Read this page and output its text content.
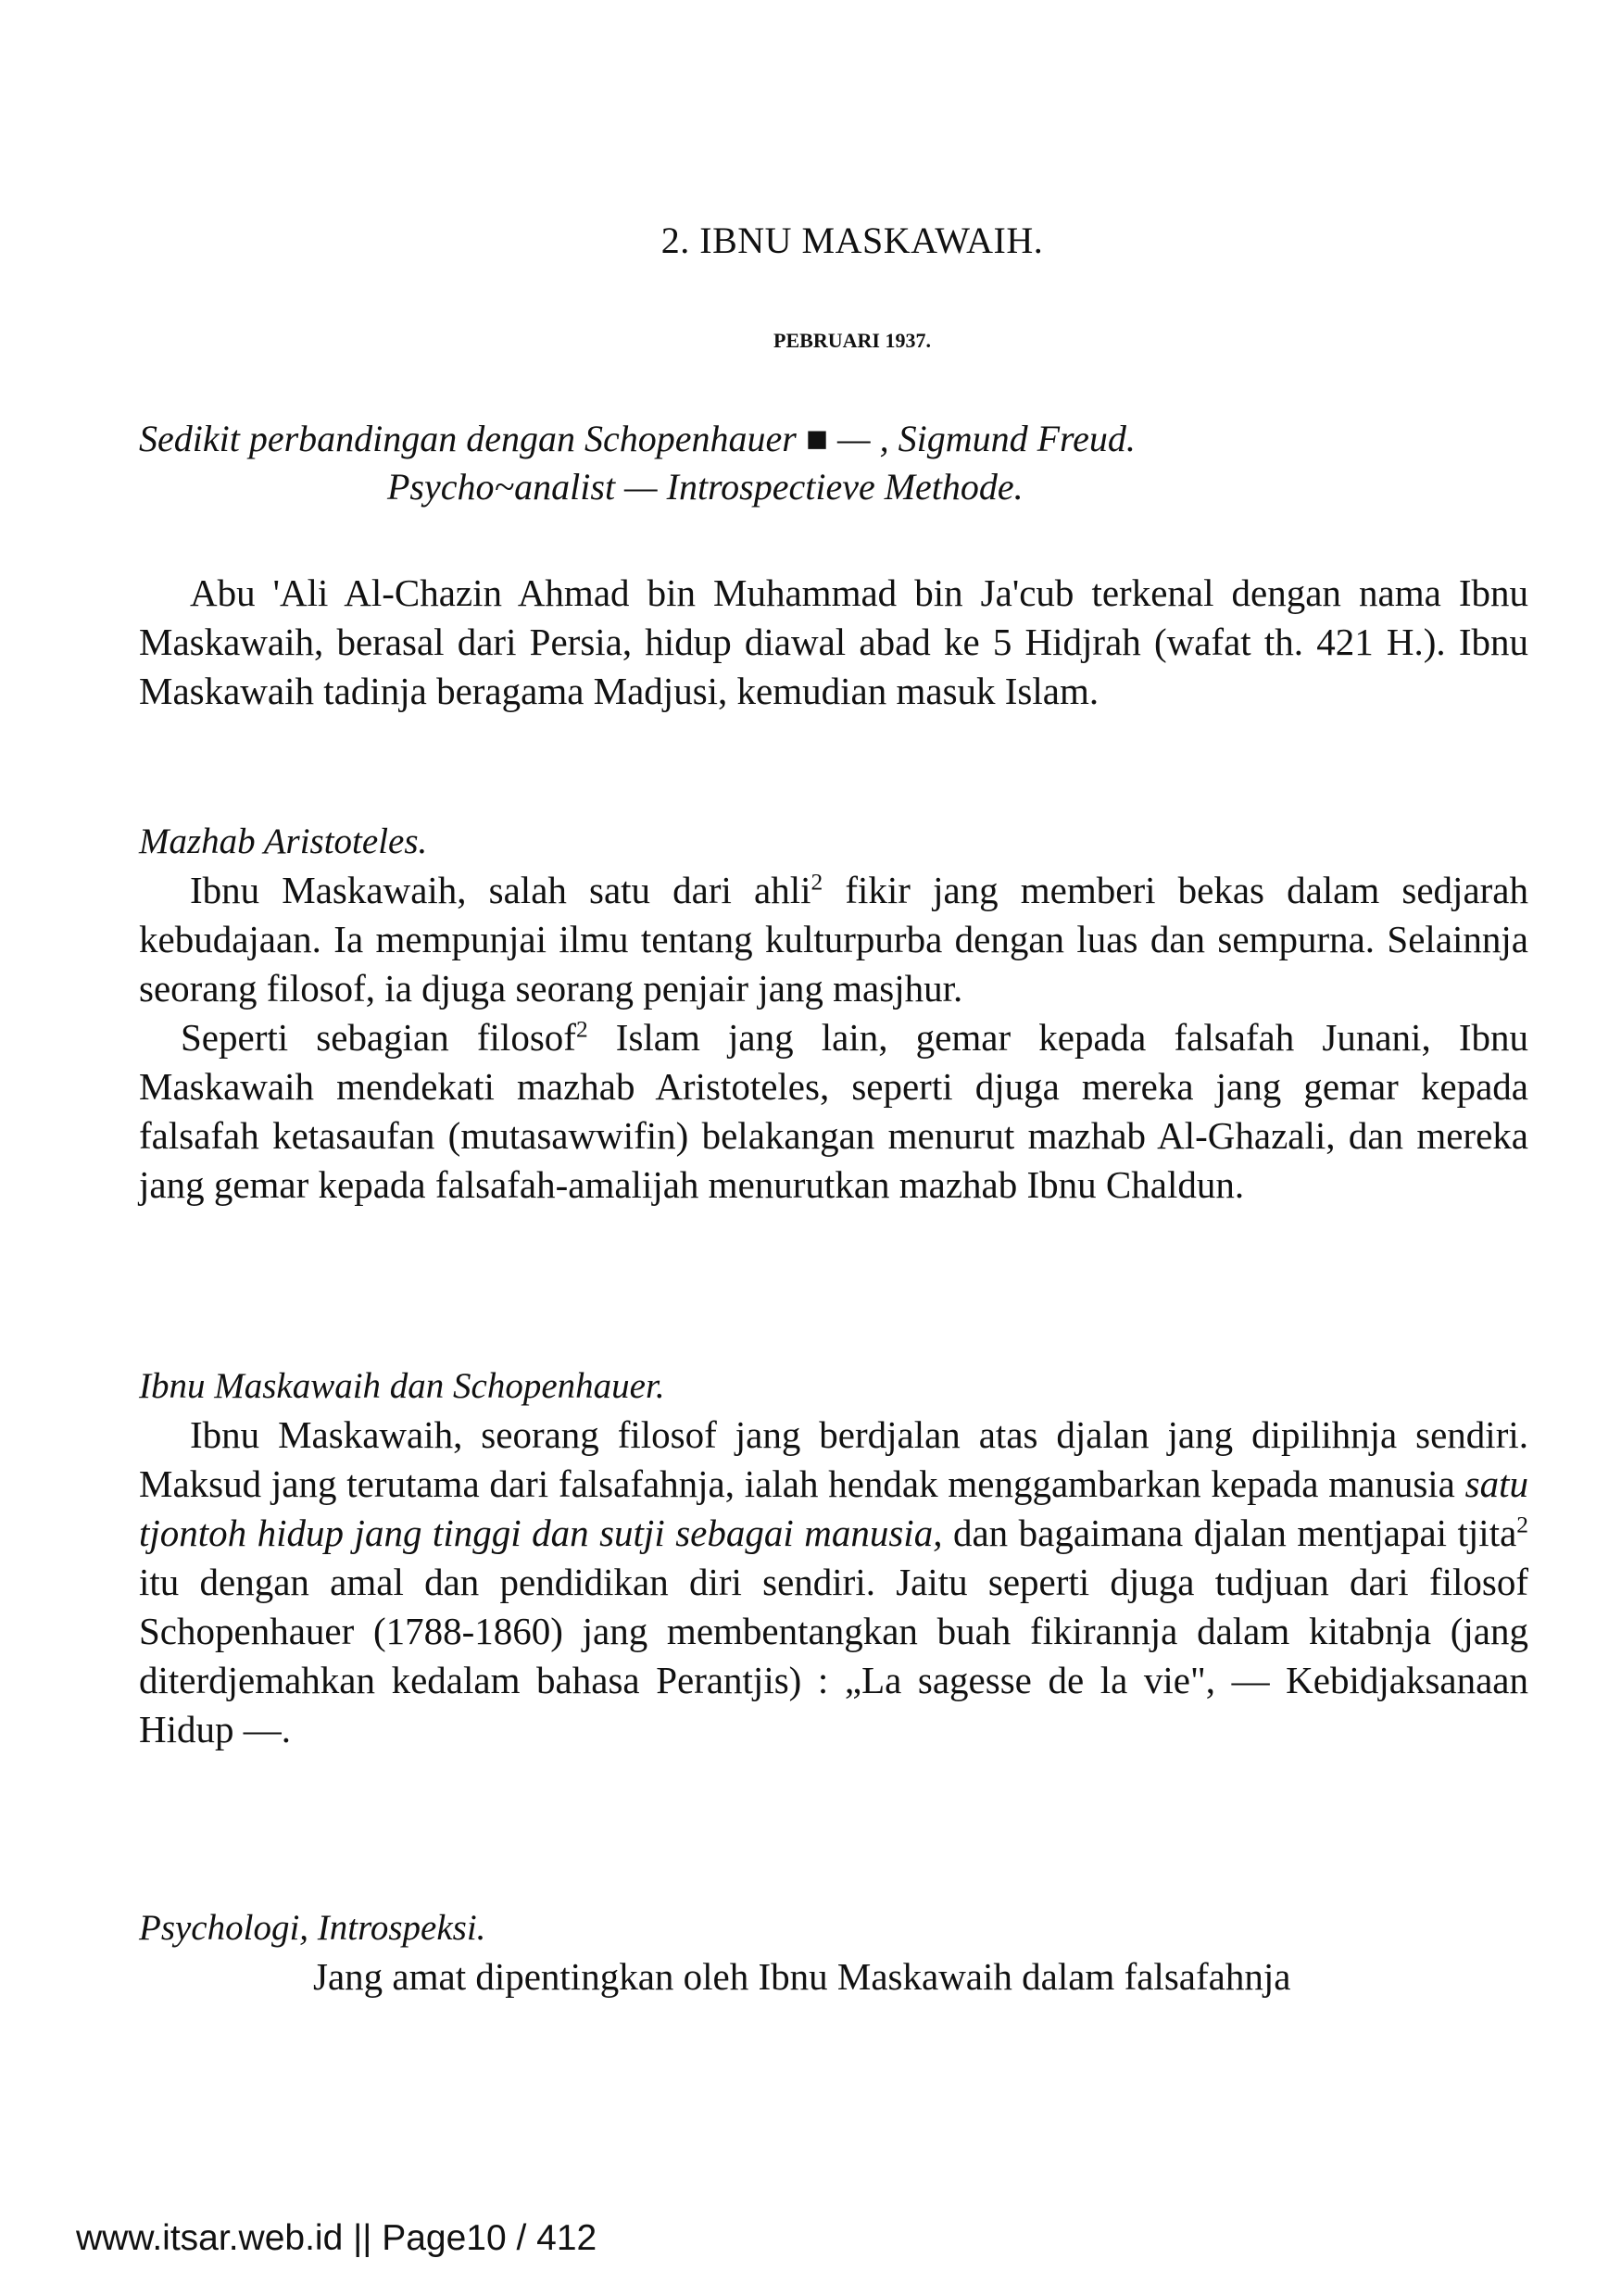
2. IBNU MASKAWAIH.
PEBRUARI 1937.
Sedikit perbandingan dengan Schopenhauer ■ — , Sigmund Freud.
Psycho~analist — Introspectieve Methode.

Abu 'Ali Al-Chazin Ahmad bin Muhammad bin Ja'cub terkenal dengan nama Ibnu Maskawaih, berasal dari Persia, hidup diawal abad ke 5 Hidjrah (wafat th. 421 H.). Ibnu Maskawaih tadinja beragama Madjusi, kemudian masuk Islam.

Mazhab Aristoteles.

Ibnu Maskawaih, salah satu dari ahli$^2$ fikir jang memberi bekas dalam sedjarah kebudajaan. Ia mempunjai ilmu tentang kulturpurba dengan luas dan sempurna. Selainnja seorang filosof, ia djuga seorang penjair jang masjhur.

Seperti sebagian filosof$^2$ Islam jang lain, gemar kepada falsafah Junani, Ibnu Maskawaih mendekati mazhab Aristoteles, seperti djuga mereka jang gemar kepada falsafah ketasaufan (mutasawwifin) belakangan menurut mazhab Al-Ghazali, dan mereka jang gemar kepada falsafah-amalijah menurutkan mazhab Ibnu Chaldun.

Ibnu Maskawaih dan Schopenhauer.

Ibnu Maskawaih, seorang filosof jang berdjalan atas djalan jang dipilihnja sendiri. Maksud jang terutama dari falsafahnja, ialah hendak menggambarkan kepada manusia satu tjontoh hidup jang tinggi dan sutji sebagai manusia, dan bagaimana djalan mentjapai tjita$^2$ itu dengan amal dan pendidikan diri sendiri. Jaitu seperti djuga tudjuan dari filosof Schopenhauer (1788-1860) jang membentangkan buah fikirannja dalam kitabnja (jang diterdjemahkan kedalam bahasa Perantjis) : „La sagesse de la vie", — Kebidjaksanaan Hidup —.

Psychologi, Introspeksi.

Jang amat dipentingkan oleh Ibnu Maskawaih dalam falsafahnja

www.itsar.web.id || Page10 / 412
